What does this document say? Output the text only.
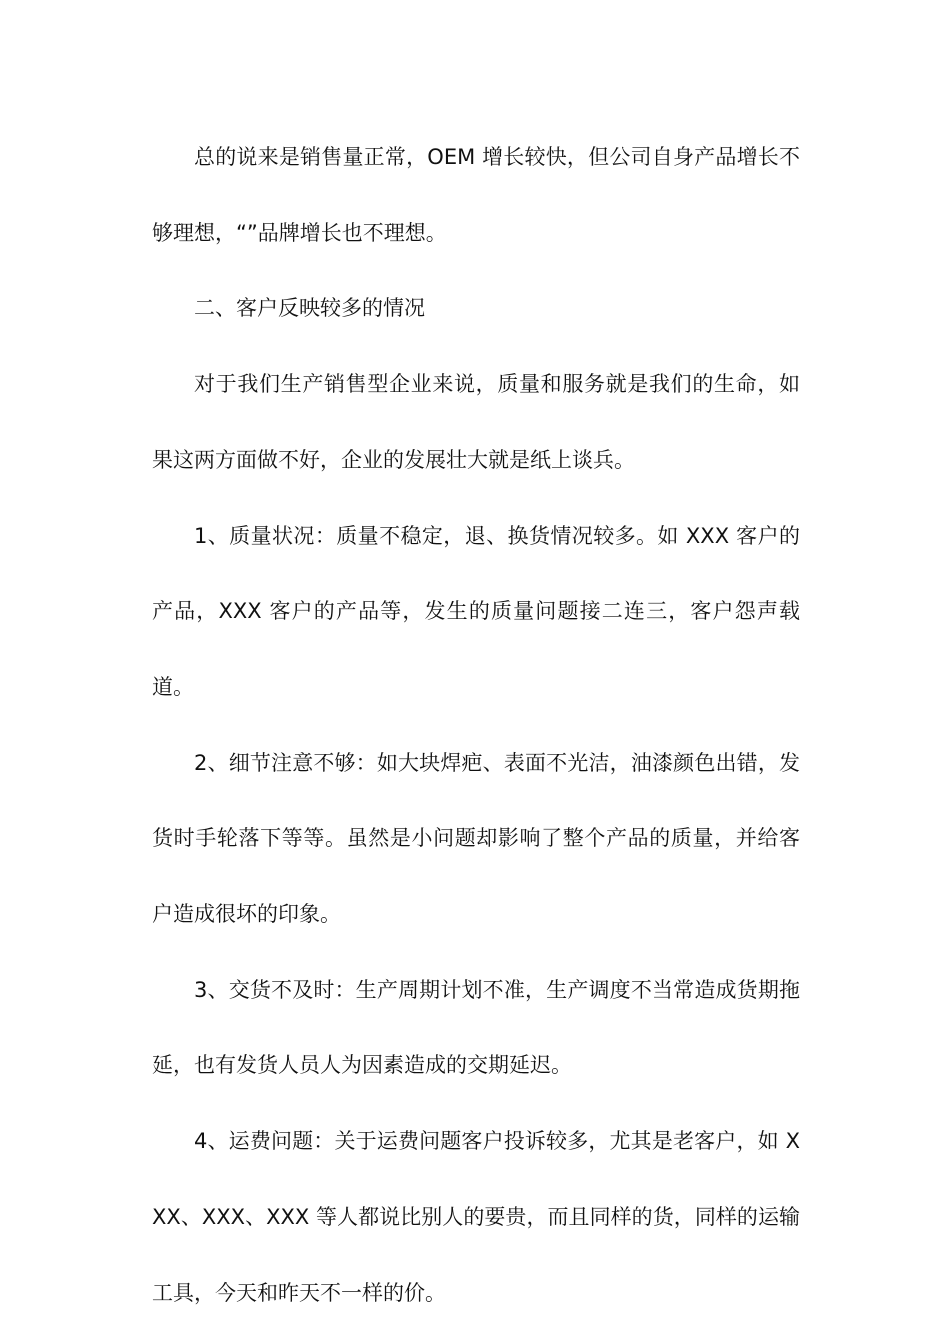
总的说来是销售量正常，OEM 增长较快，但公司自身产品增长不够理想，“”品牌增长也不理想。

二、客户反映较多的情况

对于我们生产销售型企业来说，质量和服务就是我们的生命，如果这两方面做不好，企业的发展壮大就是纸上谈兵。

1、质量状况：质量不稳定，退、换货情况较多。如 XXX 客户的产品，XXX 客户的产品等，发生的质量问题接二连三，客户怨声载道。

2、细节注意不够：如大块焊疤、表面不光洁，油漆颜色出错，发货时手轮落下等等。虽然是小问题却影响了整个产品的质量，并给客户造成很坏的印象。

3、交货不及时：生产周期计划不准，生产调度不当常造成货期拖延，也有发货人员人为因素造成的交期延迟。

4、运费问题：关于运费问题客户投诉较多，尤其是老客户，如 XXX、XXX、XXX 等人都说比别人的要贵，而且同样的货，同样的运输工具，今天和昨天不一样的价。
